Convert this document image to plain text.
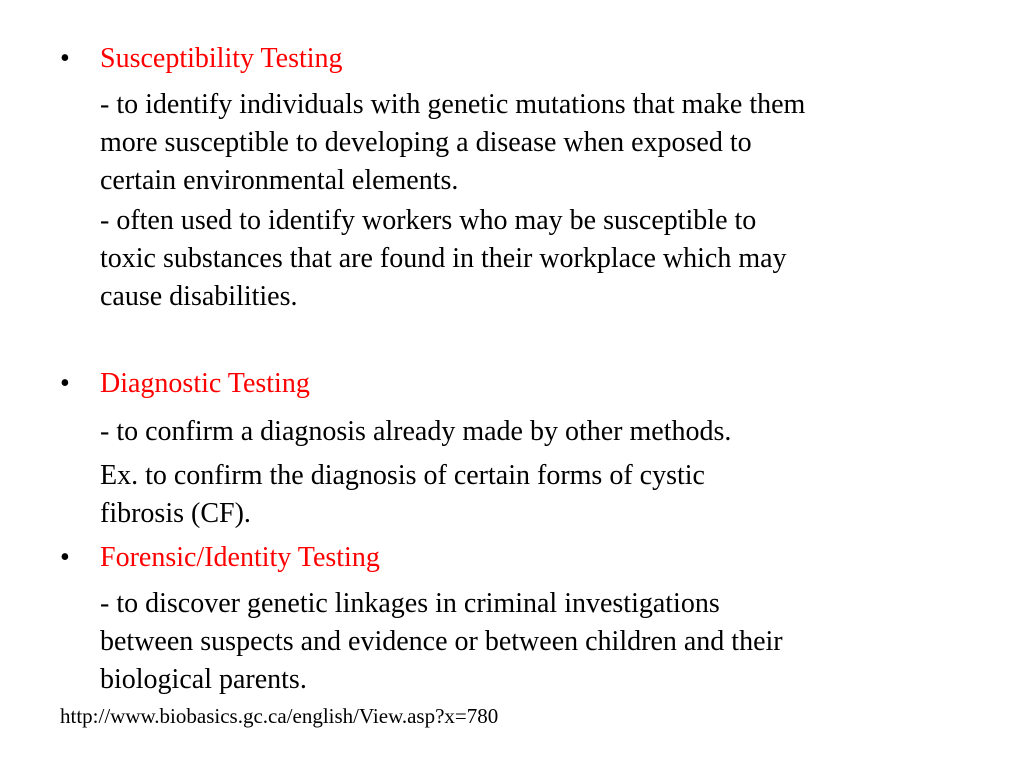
• Susceptibility Testing
- to identify individuals with genetic mutations that make them
more susceptible to developing a disease when exposed to
certain environmental elements.
- often used to identify workers who may be susceptible to
toxic substances that are found in their workplace which may
cause disabilities.
• Diagnostic Testing
- to confirm a diagnosis already made by other methods.
Ex. to confirm the diagnosis of certain forms of cystic
fibrosis (CF).
• Forensic/Identity Testing
- to discover genetic linkages in criminal investigations
between suspects and evidence or between children and their
biological parents.
http://www.biobasics.gc.ca/english/View.asp?x=780
